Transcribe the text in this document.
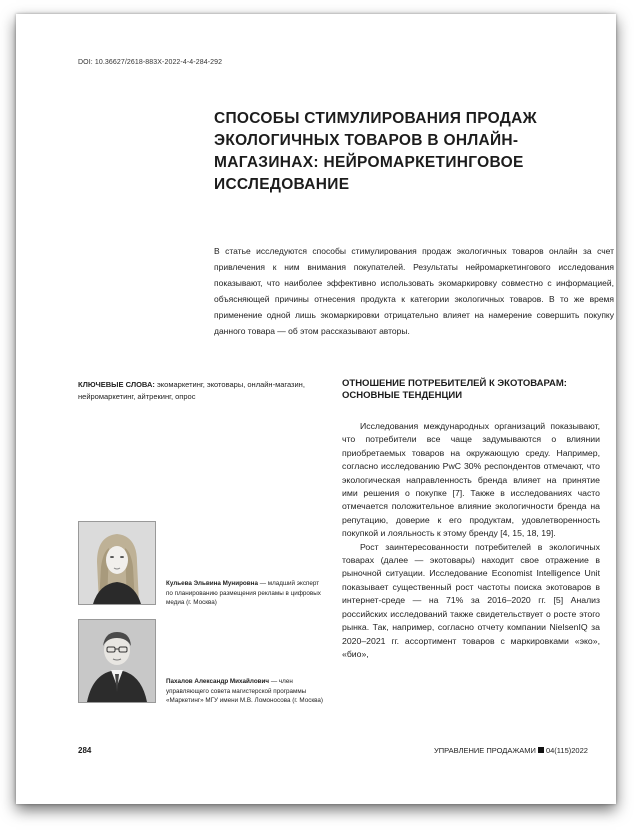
DOI: 10.36627/2618-883X-2022-4-4-284-292
СПОСОБЫ СТИМУЛИРОВАНИЯ ПРОДАЖ ЭКОЛОГИЧНЫХ ТОВАРОВ В ОНЛАЙН-МАГАЗИНАХ: НЕЙРОМАРКЕТИНГОВОЕ ИССЛЕДОВАНИЕ
В статье исследуются способы стимулирования продаж экологичных товаров онлайн за счет привлечения к ним внимания покупателей. Результаты нейромаркетингового исследования показывают, что наиболее эффективно использовать экомаркировку совместно с информацией, объясняющей причины отнесения продукта к категории экологичных товаров. В то же время применение одной лишь экомаркировки отрицательно влияет на намерение совершить покупку данного товара — об этом рассказывают авторы.
КЛЮЧЕВЫЕ СЛОВА: экомаркетинг, экотовары, онлайн-магазин, нейромаркетинг, айтрекинг, опрос
ОТНОШЕНИЕ ПОТРЕБИТЕЛЕЙ К ЭКОТОВАРАМ: ОСНОВНЫЕ ТЕНДЕНЦИИ

Исследования международных организаций показывают, что потребители все чаще задумываются о влиянии приобретаемых товаров на окружающую среду. Например, согласно исследованию PwC 30% респондентов отмечают, что экологическая направленность бренда влияет на принятие ими решения о покупке [7]. Также в исследованиях часто отмечается положительное влияние экологичности бренда на репутацию, доверие к его продуктам, удовлетворенность покупкой и лояльность к этому бренду [4, 15, 18, 19].

Рост заинтересованности потребителей в экологичных товарах (далее — экотовары) находит свое отражение в рыночной ситуации. Исследование Economist Intelligence Unit показывает существенный рост частоты поиска экотоваров в интернет-среде — на 71% за 2016–2020 гг. [5] Анализ российских исследований также свидетельствует о росте этого рынка. Так, например, согласно отчету компании NielsenIQ за 2020–2021 гг. ассортимент товаров с маркировками «эко», «био»,

Кульева Эльвина Мунировна — младший эксперт по планированию размещения рекламы в цифровых медиа (г. Москва)
Пахалов Александр Михайлович — член управляющего совета магистерской программы «Маркетинг» МГУ имени М.В. Ломоносова (г. Москва)
284	УПРАВЛЕНИЕ ПРОДАЖАМИ 04(115)2022
